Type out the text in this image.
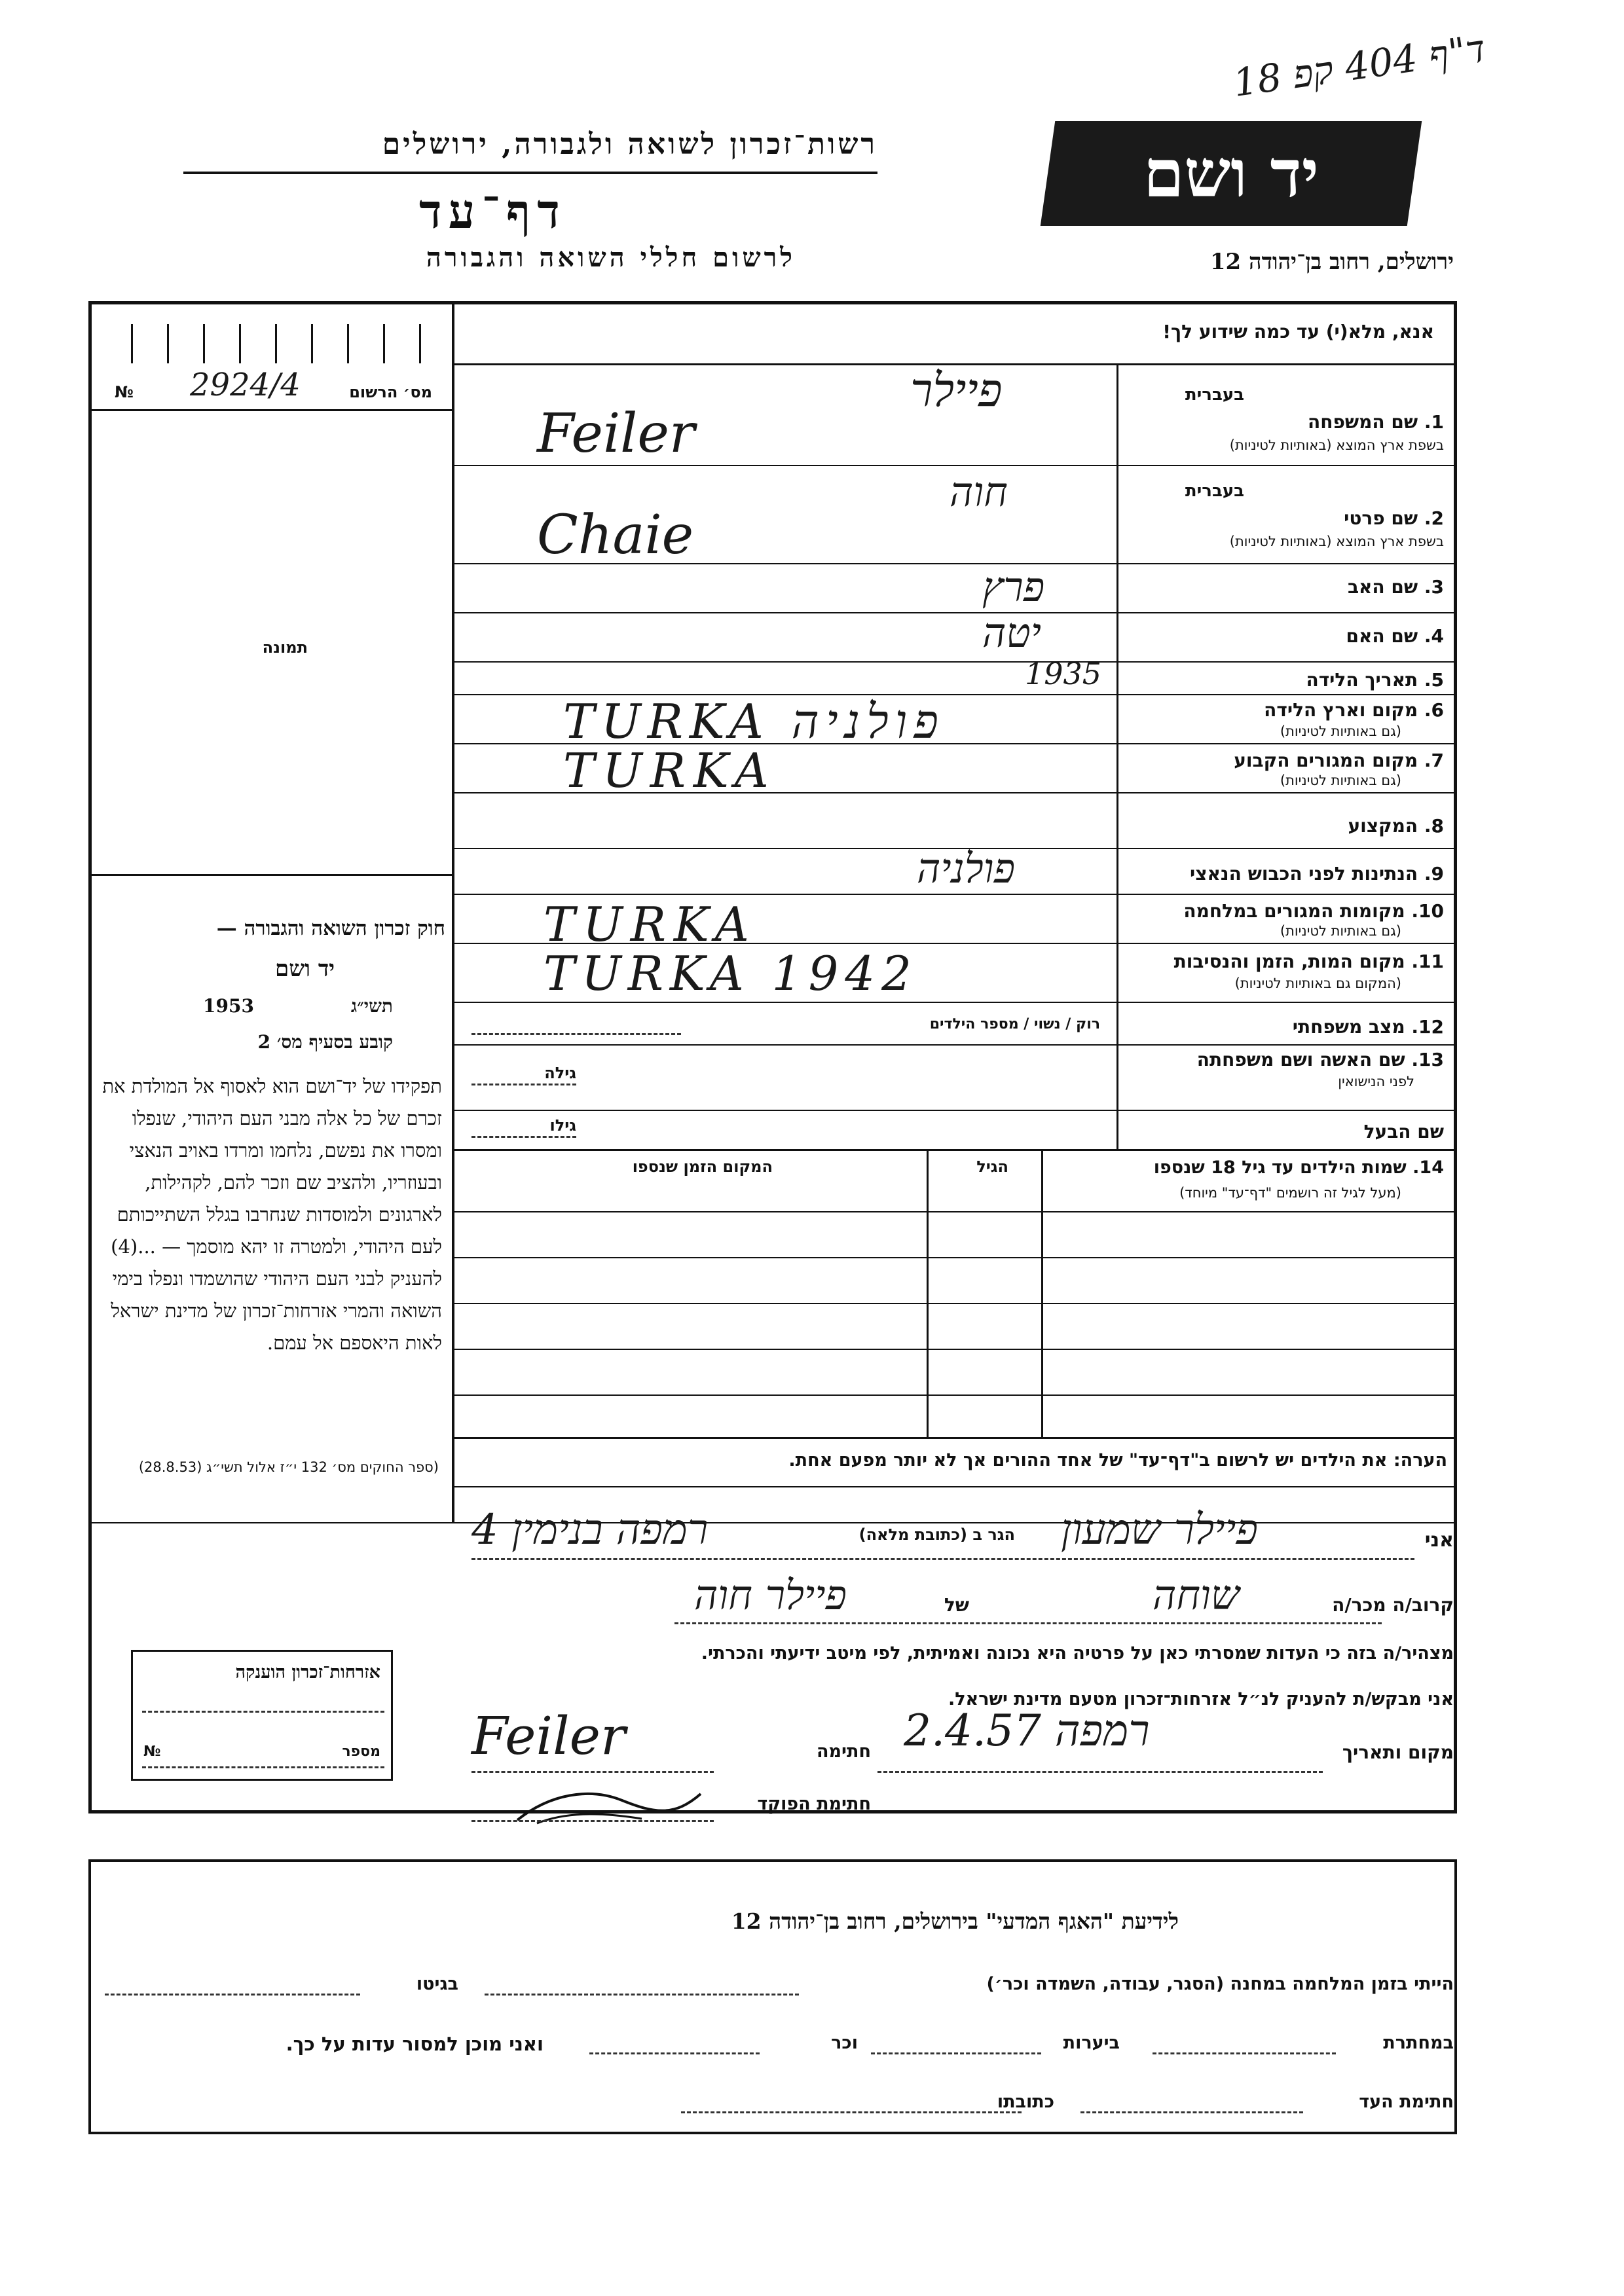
ד"ף 404 קפ 18
רשות־זכרון לשואה ולגבורה, ירושלים
דף־עד
לרשום חללי השואה והגבורה
יד ושם
ירושלים, רחוב בן־יהודה 12
אנא, מלא(י) עד כמה שידוע לך!
№ 2924/4	מס׳ הרשום
תמונה
חוק זכרון השואה והגבורה —
יד ושם
תשי״ג
1953
קובע בסעיף מס׳ 2
תפקידו של יד־ושם הוא לאסוף אל המולדת את זכרם של כל אלה מבני העם היהודי, שנפלו ומסרו את נפשם, נלחמו ומרדו באויב הנאצי ובעוזריו, ולהציב שם וזכר להם, לקהילות, לארגונים ולמוסדות שנחרבו בגלל השתייכותם לעם היהודי, ולמטרה זו יהא מוסמך — ...(4) להעניק לבני העם היהודי שהושמדו ונפלו בימי השואה והמרי אזרחות־זכרון של מדינת ישראל לאות היאספם אל עמם.
(ספר החוקים מס׳ 132 י״ז אלול תשי״ג (28.8.53)
בעברית
1. שם המשפחה
בשפת ארץ המוצא (באותיות לטיניות)
פיילר
Feiler
בעברית
2. שם פרטי
בשפת ארץ המוצא (באותיות לטיניות)
חוה
Chaie
3. שם האב
פרץ
4. שם האם
יטה
5. תאריך הלידה
1935
6. מקום וארץ הלידה
(גם באותיות לטיניות)
TURKA פולניה
7. מקום המגורים הקבוע
(גם באותיות לטיניות)
TURKA
8. המקצוע
9. הנתינות לפני הכבוש הנאצי
פולניה
10. מקומות המגורים במלחמה
(גם באותיות לטיניות)
TURKA
11. מקום המות, הזמן והנסיבות
(המקום גם באותיות לטיניות)
TURKA 1942
12. מצב משפחתי
רוק / נשוי / מספר הילדים
13. שם האשה ושם משפחתה
לפני הנישואין
גילה
שם הבעל
גילו
14. שמות הילדים עד גיל 18 שנספו
(מעל לגיל זה רושמים "דף־עד" מיוחד)
הגיל
המקום הזמן שנספו
הערה: את הילדים יש לרשום ב"דף־עד" של אחד ההורים אך לא יותר מפעם אחת.
אני
פיילר שמעון
הגר ב (כתובת מלאה)
רמפה בנימין 4
קרוב/ה מכר/ה
שוחה
של
פיילר חוה
מצהיר/ה בזה כי העדות שמסרתי כאן על פרטיה היא נכונה ואמיתית, לפי מיטב ידיעתי והכרתי.
אני מבקש/ת להעניק לנ״ל אזרחות־זכרון מטעם מדינת ישראל.
מקום ותאריך
רמפה 2.4.57
חתימה
Feiler
חתימת הפוקד
אזרחות־זכרון הוענקה
מספר
№
לידיעת "האגף המדעי" בירושלים, רחוב בן־יהודה 12
הייתי בזמן המלחמה במחנה (הסגר, עבודה, השמדה וכר׳)
בגיטו
במחתרת
ביערות
וכר
ואני מוכן למסור עדות על כך.
חתימת העד
כתובתו
